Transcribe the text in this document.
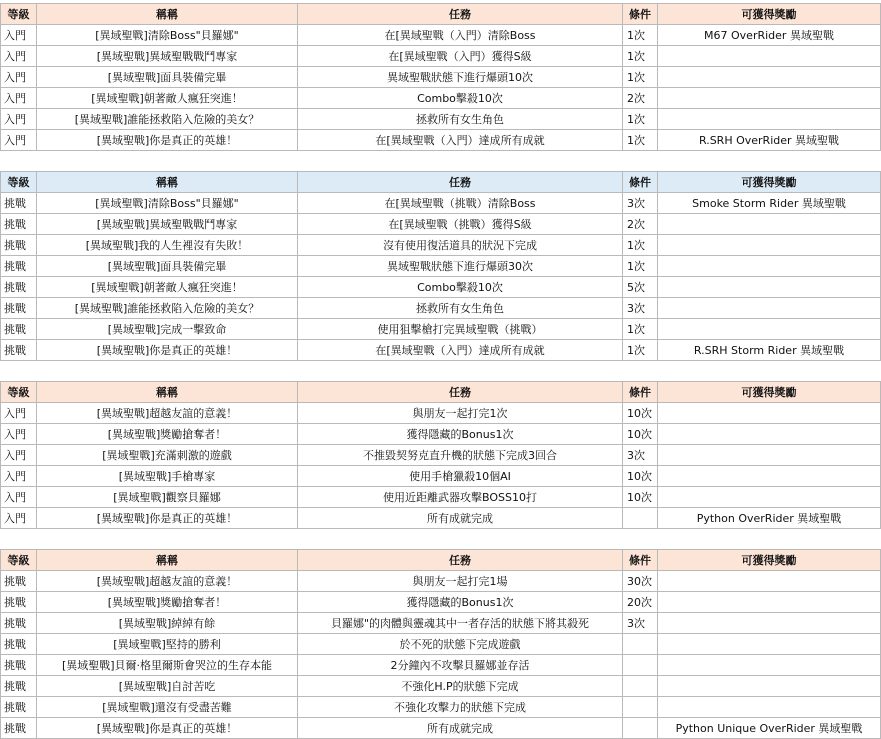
等級	稱稱	任務	條件	可獲得獎勵
入門	[異域聖戰]清除Boss"貝羅娜"	在[異域聖戰（入門）清除Boss	1次	M67 OverRider 異域聖戰
入門	[異域聖戰]異域聖戰戰鬥專家	在[異域聖戰（入門）獲得S級	1次	
入門	[異域聖戰]面具裝備完畢	異域聖戰狀態下進行爆頭10次	1次	
入門	[異域聖戰]朝著敵人瘋狂突進！	Combo擊殺10次	2次	
入門	[異域聖戰]誰能拯救陷入危險的美女？	拯救所有女生角色	1次	
入門	[異域聖戰]你是真正的英雄！	在[異域聖戰（入門）達成所有成就	1次	R.SRH OverRider 異域聖戰
等級	稱稱	任務	條件	可獲得獎勵
挑戰	[異域聖戰]清除Boss"貝羅娜"	在[異域聖戰（挑戰）清除Boss	3次	Smoke Storm Rider 異域聖戰
挑戰	[異域聖戰]異域聖戰戰鬥專家	在[異域聖戰（挑戰）獲得S級	2次	
挑戰	[異域聖戰]我的人生裡沒有失敗！	沒有使用復活道具的狀況下完成	1次	
挑戰	[異域聖戰]面具裝備完畢	異域聖戰狀態下進行爆頭30次	1次	
挑戰	[異域聖戰]朝著敵人瘋狂突進！	Combo擊殺10次	5次	
挑戰	[異域聖戰]誰能拯救陷入危險的美女？	拯救所有女生角色	3次	
挑戰	[異域聖戰]完成一擊致命	使用狙擊槍打完異域聖戰（挑戰）	1次	
挑戰	[異域聖戰]你是真正的英雄！	在[異域聖戰（入門）達成所有成就	1次	R.SRH Storm Rider 異域聖戰
等級	稱稱	任務	條件	可獲得獎勵
入門	[異域聖戰]超越友誼的意義！	與朋友一起打完1次	10次	
入門	[異域聖戰]獎勵搶奪者！	獲得隱藏的Bonus1次	10次	
入門	[異域聖戰]充滿刺激的遊戲	不推毀契努克直升機的狀態下完成3回合	3次	
入門	[異域聖戰]手槍專家	使用手槍獵殺10個AI	10次	
入門	[異域聖戰]觀察貝羅娜	使用近距離武器攻擊BOSS10打	10次	
入門	[異域聖戰]你是真正的英雄！	所有成就完成		Python OverRider 異域聖戰
等級	稱稱	任務	條件	可獲得獎勵
挑戰	[異域聖戰]超越友誼的意義！	與朋友一起打完1場	30次	
挑戰	[異域聖戰]獎勵搶奪者！	獲得隱藏的Bonus1次	20次	
挑戰	[異域聖戰]綽綽有餘	貝羅娜"的肉體與靈魂其中一者存活的狀態下將其殺死	3次	
挑戰	[異域聖戰]堅持的勝利	於不死的狀態下完成遊戲		
挑戰	[異域聖戰]貝爾·格里爾斯會哭泣的生存本能	2分鐘內不攻擊貝羅娜並存活		
挑戰	[異域聖戰]自討苦吃	不強化H.P的狀態下完成		
挑戰	[異域聖戰]還沒有受盡苦難	不強化攻擊力的狀態下完成		
挑戰	[異域聖戰]你是真正的英雄！	所有成就完成		Python Unique OverRider 異域聖戰
